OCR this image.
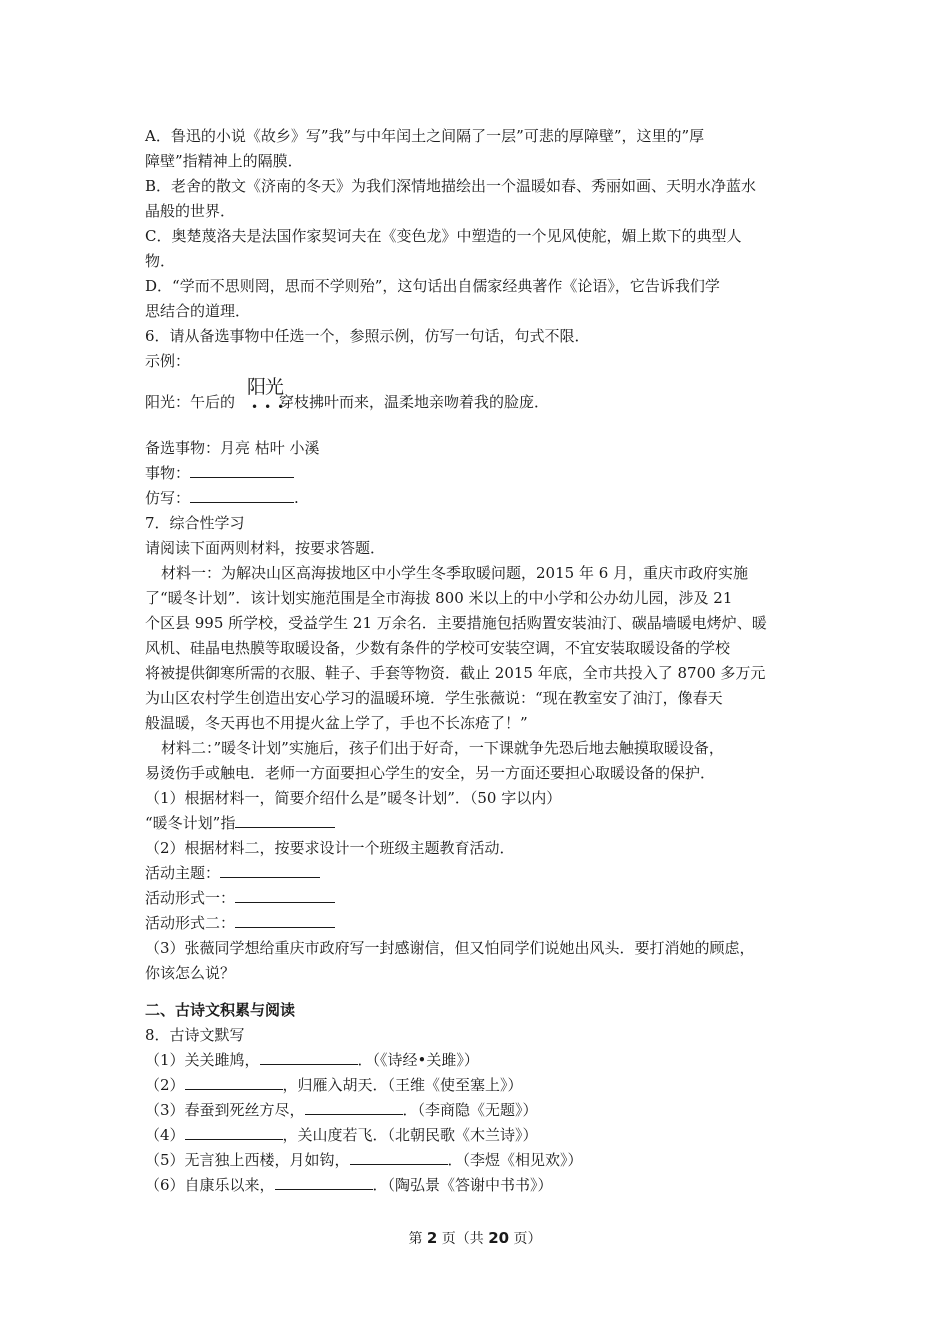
A．鲁迅的小说《故乡》写”我”与中年闰土之间隔了一层”可悲的厚障壁”，这里的”厚
障壁”指精神上的隔膜．
B．老舍的散文《济南的冬天》为我们深情地描绘出一个温暖如春、秀丽如画、天明水净蓝水
晶般的世界．
C．奥楚蔑洛夫是法国作家契诃夫在《变色龙》中塑造的一个见风使舵，媚上欺下的典型人
物．
D．“学而不思则罔，思而不学则殆”，这句话出自儒家经典著作《论语》，它告诉我们学
思结合的道理．
6．请从备选事物中任选一个，参照示例，仿写一句话，句式不限．
示例：
阳光：午后的	穿枝拂叶而来，温柔地亲吻着我的脸庞．
阳光
•••
备选事物：月亮 枯叶 小溪
事物：
仿写：	.
7．综合性学习
请阅读下面两则材料，按要求答题．
材料一：为解决山区高海拔地区中小学生冬季取暖问题，2015 年 6 月，重庆市政府实施
了“暖冬计划”．该计划实施范围是全市海拔 800 米以上的中小学和公办幼儿园，涉及 21
个区县 995 所学校，受益学生 21 万余名．主要措施包括购置安装油汀、碳晶墙暖电烤炉、暖
风机、硅晶电热膜等取暖设备，少数有条件的学校可安装空调，不宜安装取暖设备的学校
将被提供御寒所需的衣服、鞋子、手套等物资．截止 2015 年底，全市共投入了 8700 多万元
为山区农村学生创造出安心学习的温暖环境．学生张薇说：“现在教室安了油汀，像春天
般温暖，冬天再也不用提火盆上学了，手也不长冻疮了！”
材料二：”暖冬计划”实施后，孩子们出于好奇，一下课就争先恐后地去触摸取暖设备，
易烫伤手或触电．老师一方面要担心学生的安全，另一方面还要担心取暖设备的保护．
（1）根据材料一，简要介绍什么是”暖冬计划”．（50 字以内）
“暖冬计划”指
（2）根据材料二，按要求设计一个班级主题教育活动．
活动主题：
活动形式一：
活动形式二：
（3）张薇同学想给重庆市政府写一封感谢信，但又怕同学们说她出风头．要打消她的顾虑，
你该怎么说？
二、古诗文积累与阅读
8．古诗文默写
（1）关关雎鸠，	．（《诗经•关雎》）
（2）	，归雁入胡天．（王维《使至塞上》）
（3）春蚕到死丝方尽，	．（李商隐《无题》）
（4）	，关山度若飞．（北朝民歌《木兰诗》）
（5）无言独上西楼，月如钩，	．（李煜《相见欢》）
（6）自康乐以来，	．（陶弘景《答谢中书书》）
第 2 页（共 20 页）
